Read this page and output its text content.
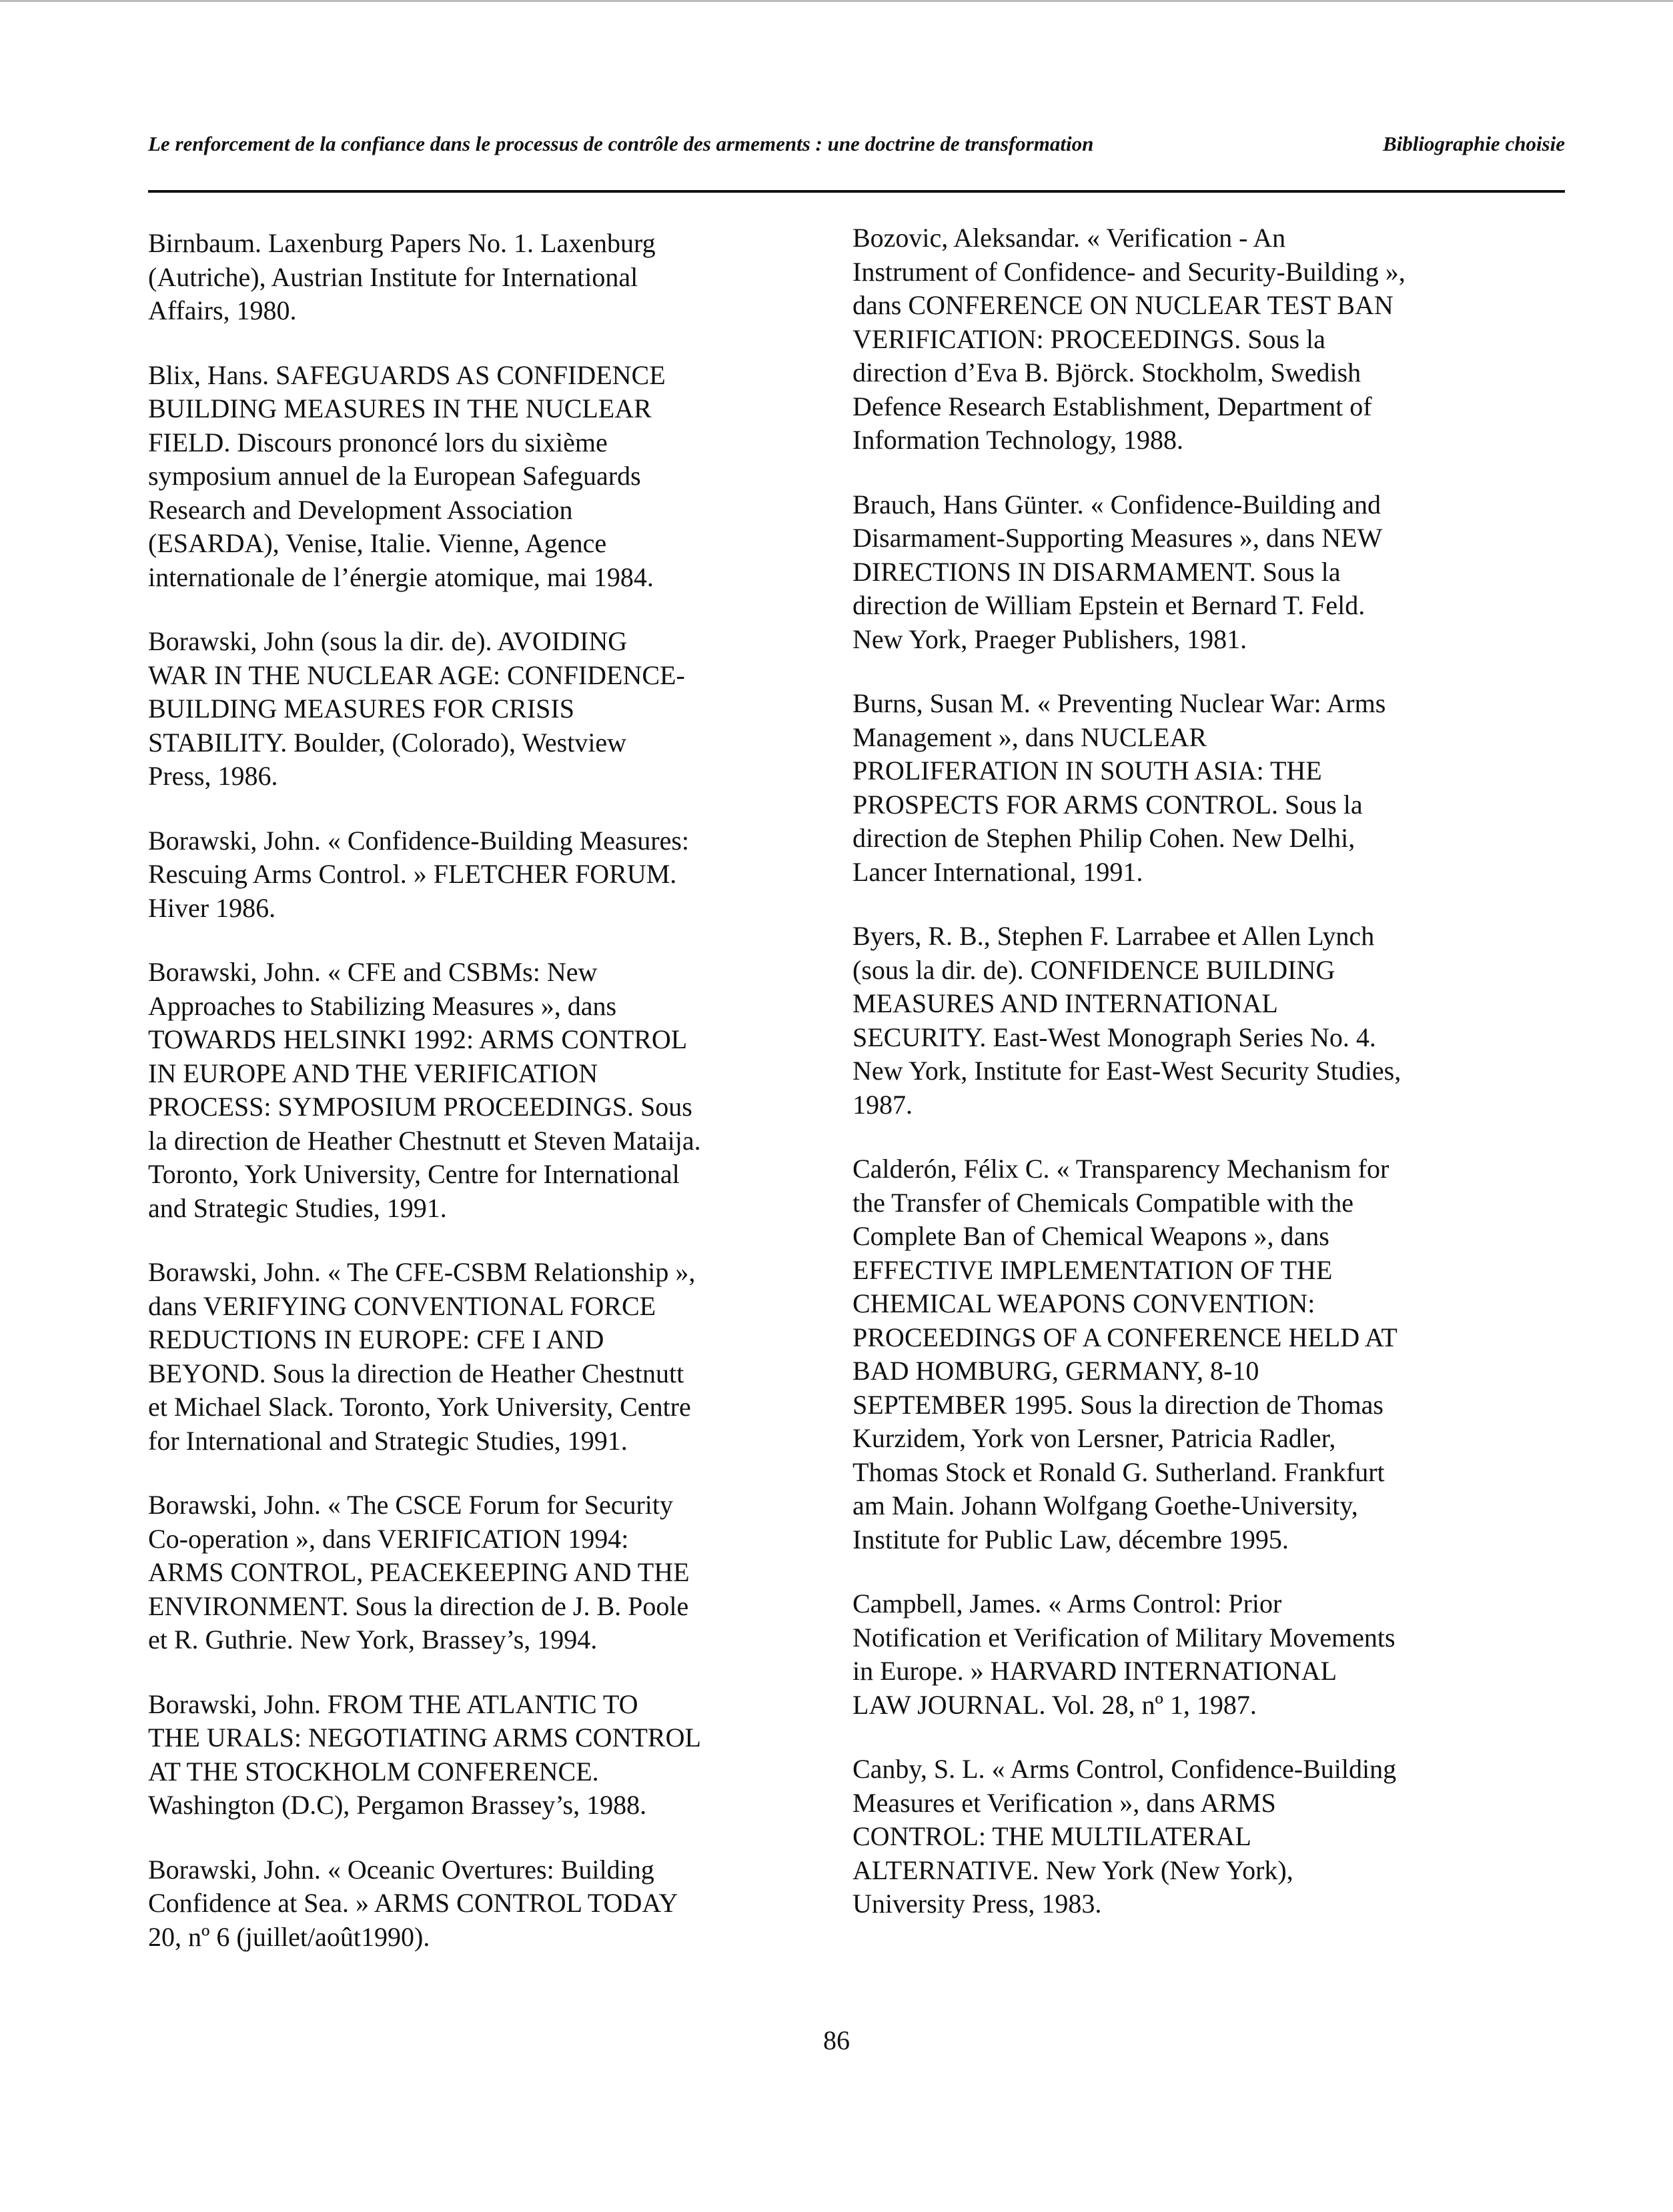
Le renforcement de la confiance dans le processus de contrôle des armements : une doctrine de transformation	Bibliographie choisie

Birnbaum. Laxenburg Papers No. 1. Laxenburg
(Autriche), Austrian Institute for International
Affairs, 1980.

Blix, Hans. SAFEGUARDS AS CONFIDENCE
BUILDING MEASURES IN THE NUCLEAR
FIELD. Discours prononcé lors du sixième
symposium annuel de la European Safeguards
Research and Development Association
(ESARDA), Venise, Italie. Vienne, Agence
internationale de l’énergie atomique, mai 1984.

Borawski, John (sous la dir. de). AVOIDING
WAR IN THE NUCLEAR AGE: CONFIDENCE-
BUILDING MEASURES FOR CRISIS
STABILITY. Boulder, (Colorado), Westview
Press, 1986.

Borawski, John. « Confidence-Building Measures:
Rescuing Arms Control. » FLETCHER FORUM.
Hiver 1986.

Borawski, John. « CFE and CSBMs: New
Approaches to Stabilizing Measures », dans
TOWARDS HELSINKI 1992: ARMS CONTROL
IN EUROPE AND THE VERIFICATION
PROCESS: SYMPOSIUM PROCEEDINGS. Sous
la direction de Heather Chestnutt et Steven Mataija.
Toronto, York University, Centre for International
and Strategic Studies, 1991.

Borawski, John. « The CFE-CSBM Relationship »,
dans VERIFYING CONVENTIONAL FORCE
REDUCTIONS IN EUROPE: CFE I AND
BEYOND. Sous la direction de Heather Chestnutt
et Michael Slack. Toronto, York University, Centre
for International and Strategic Studies, 1991.

Borawski, John. « The CSCE Forum for Security
Co-operation », dans VERIFICATION 1994:
ARMS CONTROL, PEACEKEEPING AND THE
ENVIRONMENT. Sous la direction de J. B. Poole
et R. Guthrie. New York, Brassey’s, 1994.

Borawski, John. FROM THE ATLANTIC TO
THE URALS: NEGOTIATING ARMS CONTROL
AT THE STOCKHOLM CONFERENCE.
Washington (D.C), Pergamon Brassey’s, 1988.

Borawski, John. « Oceanic Overtures: Building
Confidence at Sea. » ARMS CONTROL TODAY
20, nº 6 (juillet/août1990).

Bozovic, Aleksandar. « Verification - An
Instrument of Confidence- and Security-Building »,
dans CONFERENCE ON NUCLEAR TEST BAN
VERIFICATION: PROCEEDINGS. Sous la
direction d’Eva B. Björck. Stockholm, Swedish
Defence Research Establishment, Department of
Information Technology, 1988.

Brauch, Hans Günter. « Confidence-Building and
Disarmament-Supporting Measures », dans NEW
DIRECTIONS IN DISARMAMENT. Sous la
direction de William Epstein et Bernard T. Feld.
New York, Praeger Publishers, 1981.

Burns, Susan M. « Preventing Nuclear War: Arms
Management », dans NUCLEAR
PROLIFERATION IN SOUTH ASIA: THE
PROSPECTS FOR ARMS CONTROL. Sous la
direction de Stephen Philip Cohen. New Delhi,
Lancer International, 1991.

Byers, R. B., Stephen F. Larrabee et Allen Lynch
(sous la dir. de). CONFIDENCE BUILDING
MEASURES AND INTERNATIONAL
SECURITY. East-West Monograph Series No. 4.
New York, Institute for East-West Security Studies,
1987.

Calderón, Félix C. « Transparency Mechanism for
the Transfer of Chemicals Compatible with the
Complete Ban of Chemical Weapons », dans
EFFECTIVE IMPLEMENTATION OF THE
CHEMICAL WEAPONS CONVENTION:
PROCEEDINGS OF A CONFERENCE HELD AT
BAD HOMBURG, GERMANY, 8-10
SEPTEMBER 1995. Sous la direction de Thomas
Kurzidem, York von Lersner, Patricia Radler,
Thomas Stock et Ronald G. Sutherland. Frankfurt
am Main. Johann Wolfgang Goethe-University,
Institute for Public Law, décembre 1995.

Campbell, James. « Arms Control: Prior
Notification et Verification of Military Movements
in Europe. » HARVARD INTERNATIONAL
LAW JOURNAL. Vol. 28, nº 1, 1987.

Canby, S. L. « Arms Control, Confidence-Building
Measures et Verification », dans ARMS
CONTROL: THE MULTILATERAL
ALTERNATIVE. New York (New York),
University Press, 1983.

86
